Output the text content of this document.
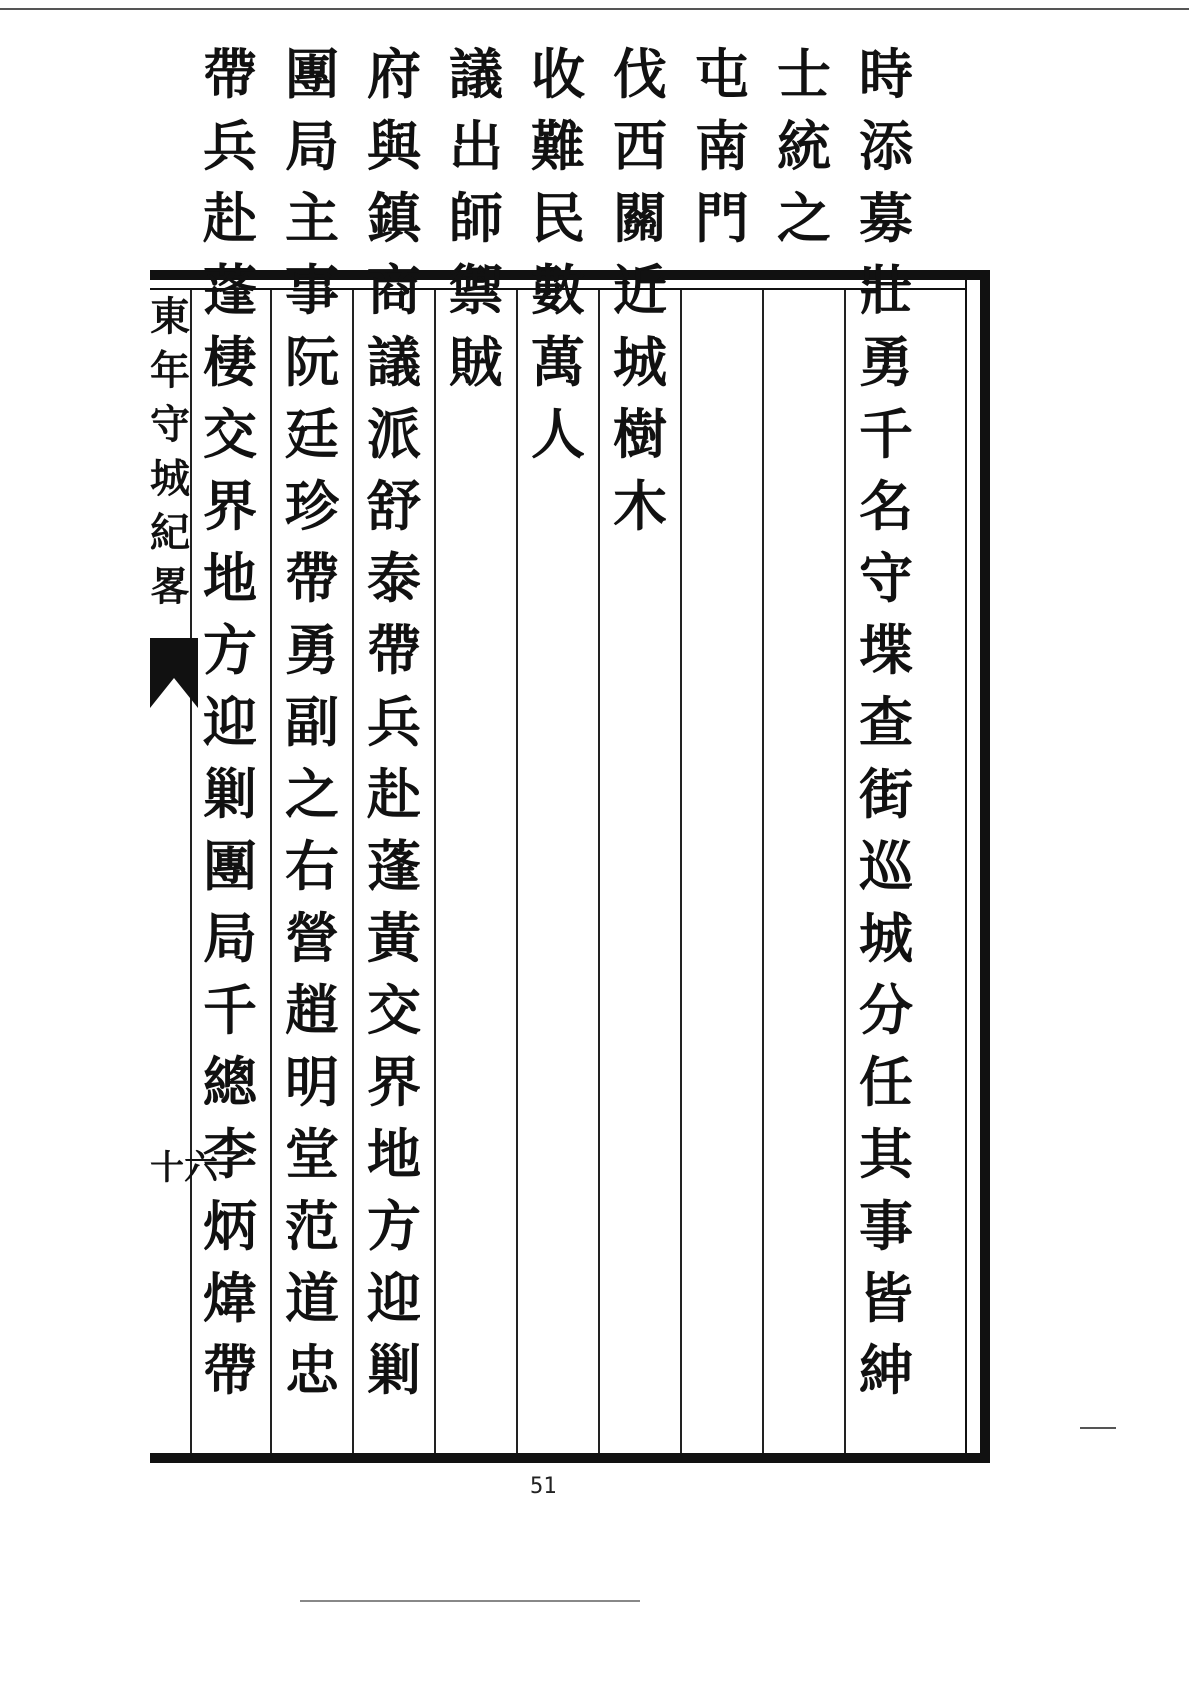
時
添
募
壯
勇
千
名
守
堞
查
街
巡
城
分
任
其
事
皆
紳
士
統
之
屯
南
門
伐
西
關
近
城
樹
木
收
難
民
數
萬
人
議
出
師
禦
賊
府
與
鎮
商
議
派
舒
泰
帶
兵
赴
蓬
黃
交
界
地
方
迎
剿
團
局
主
事
阮
廷
珍
帶
勇
副
之
右
營
趙
明
堂
范
道
忠
帶
兵
赴
蓬
棲
交
界
地
方
迎
剿
團
局
千
總
李
炳
煒
帶
東
年
守
城
紀
畧
十六
51
